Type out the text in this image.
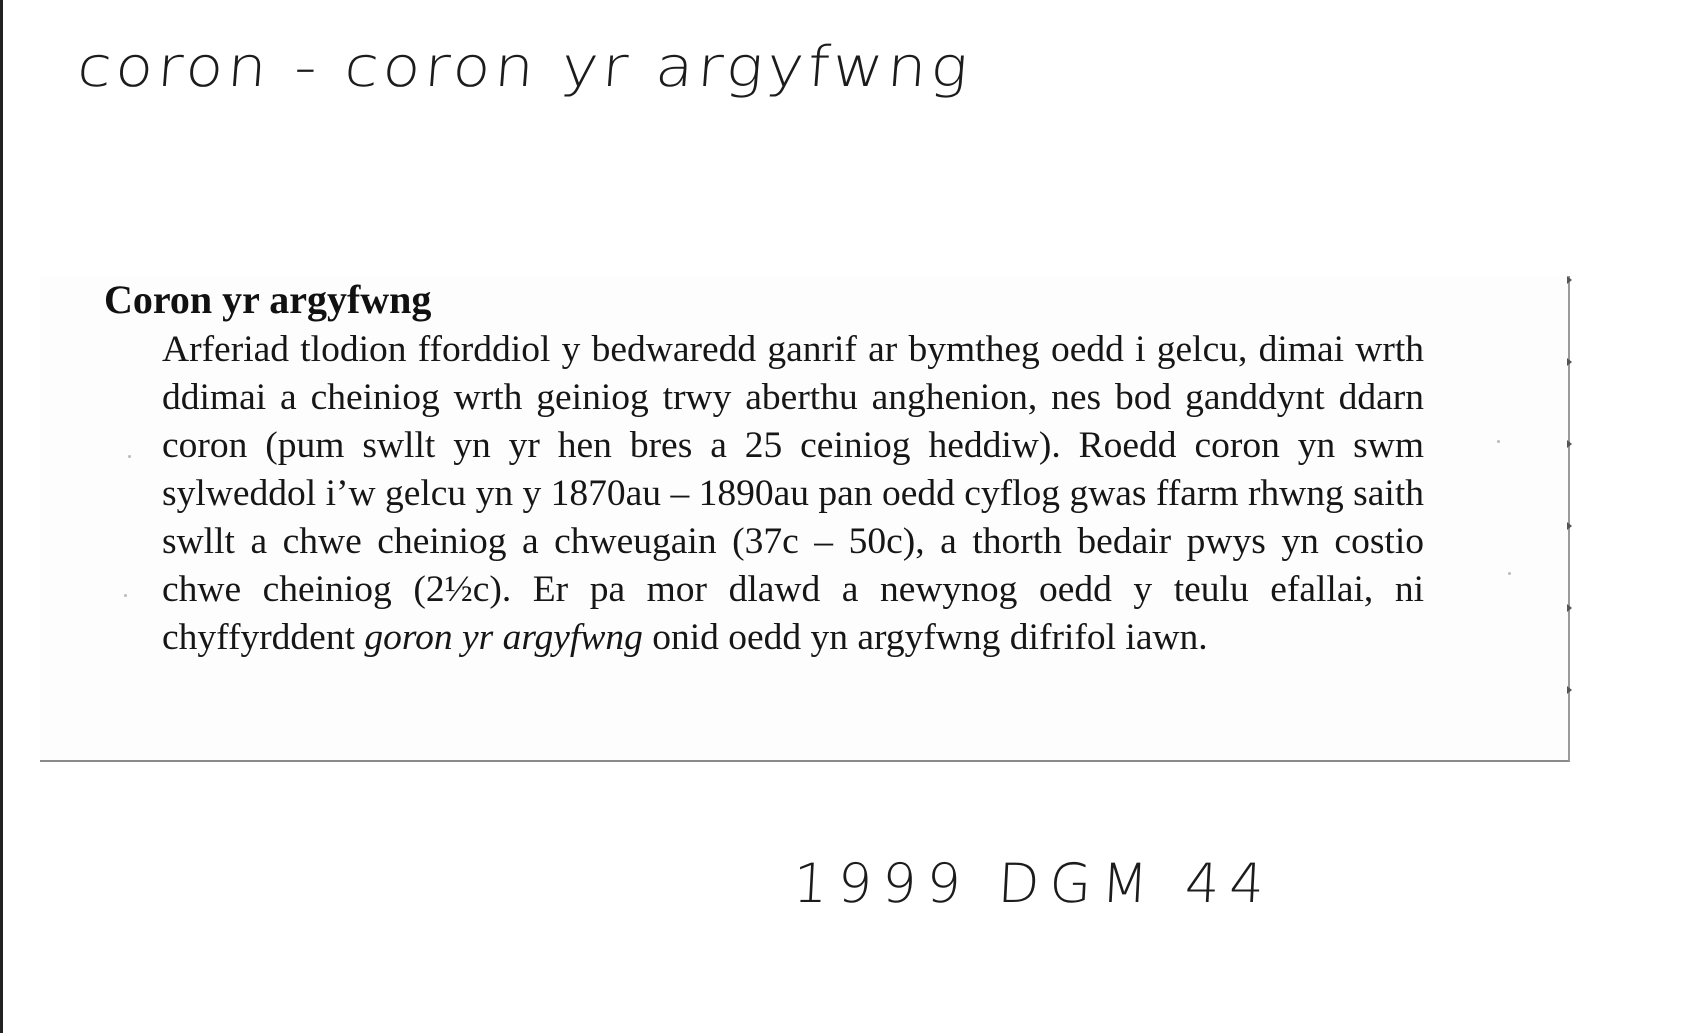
coron - coron yr argyfwng
Coron yr argyfwng

Arferiad tlodion fforddiol y bedwaredd ganrif ar bymtheg oedd i gelcu, dimai wrth ddimai a cheiniog wrth geiniog trwy aberthu anghenion, nes bod ganddynt ddarn coron (pum swllt yn yr hen bres a 25 ceiniog heddiw). Roedd coron yn swm sylweddol i’w gelcu yn y 1870au – 1890au pan oedd cyflog gwas ffarm rhwng saith swllt a chwe cheiniog a chweugain (37c – 50c), a thorth bedair pwys yn costio chwe cheiniog (2½c). Er pa mor dlawd a newynog oedd y teulu efallai, ni chyffyrddent goron yr argyfwng onid oedd yn argyfwng difrifol iawn.

1999 DGM 44
